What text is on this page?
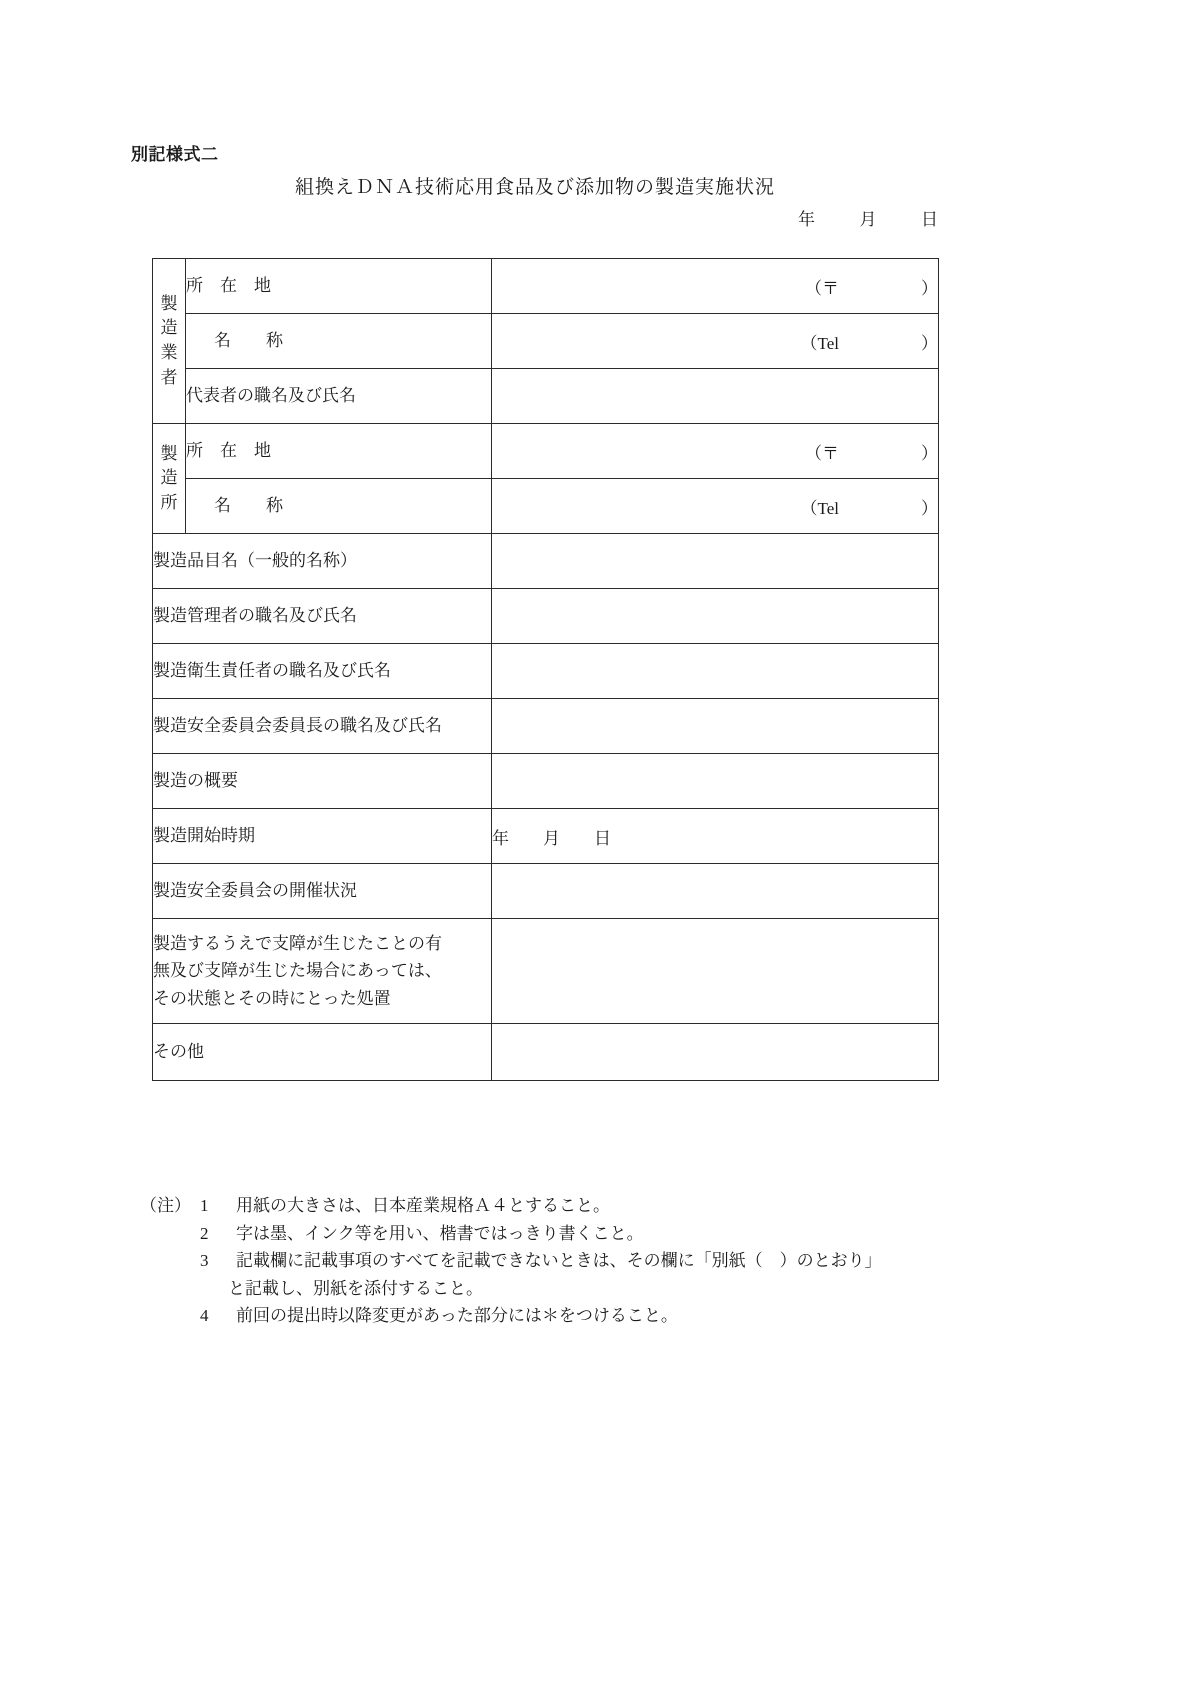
別記様式二
組換えＤＮＡ技術応用食品及び添加物の製造実施状況
年	月	日
製
造
業
者	所　在　地	（〒 ）
	名　称	（Tel ）
	代表者の職名及び氏名	

製
造
所	所　在　地	（〒 ）
	名　称	（Tel ）
製造品目名（一般的名称）		
製造管理者の職名及び氏名		
製造衛生責任者の職名及び氏名		
製造安全委員会委員長の職名及び氏名		
製造の概要		
製造開始時期		年 月 日
製造安全委員会の開催状況		

製造するうえで支障が生じたことの有
無及び支障が生じた場合にあっては、
その状態とその時にとった処置		

その他		
（注） 1	用紙の大きさは、日本産業規格Ａ４とすること。
2	字は墨、インク等を用い、楷書ではっきり書くこと。
3	記載欄に記載事項のすべてを記載できないときは、その欄に「別紙（　）のとおり」
と記載し、別紙を添付すること。
4	前回の提出時以降変更があった部分には＊をつけること。
